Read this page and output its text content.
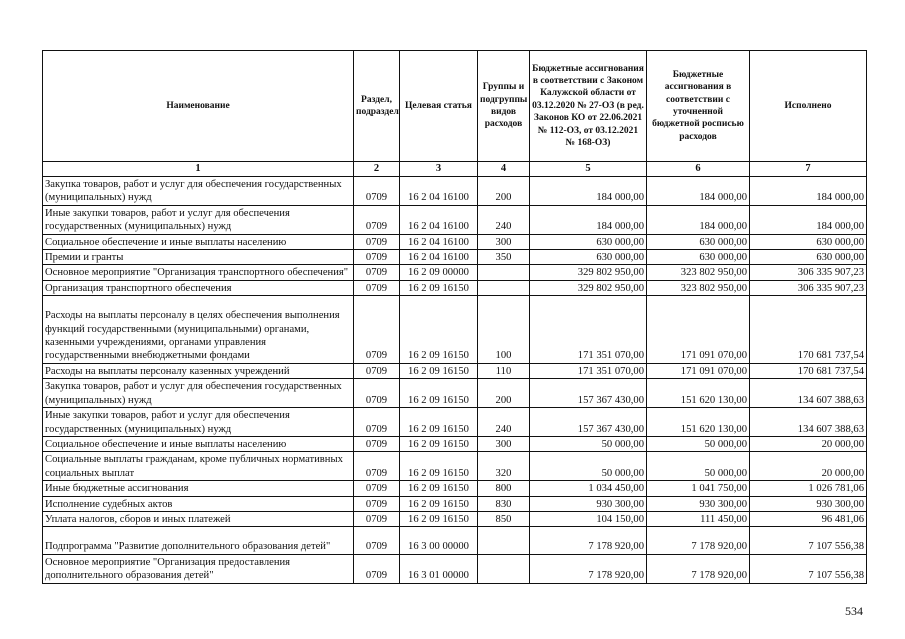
Наименование	Раздел, подраздел	Целевая статья	Группы и подгруппы видов расходов	Бюджетные ассигнования в соответствии с Законом Калужской области от 03.12.2020 № 27-ОЗ (в ред. Законов КО от 22.06.2021 № 112-ОЗ, от 03.12.2021 № 168-ОЗ)	Бюджетные ассигнования в соответствии с уточненной бюджетной росписью расходов	Исполнено
1	2	3	4	5	6	7
Закупка товаров, работ и услуг для обеспечения государственных (муниципальных) нужд	0709	16 2 04 16100	200	184 000,00	184 000,00	184 000,00
Иные закупки товаров, работ и услуг для обеспечения государственных (муниципальных) нужд	0709	16 2 04 16100	240	184 000,00	184 000,00	184 000,00
Социальное обеспечение и иные выплаты населению	0709	16 2 04 16100	300	630 000,00	630 000,00	630 000,00
Премии и гранты	0709	16 2 04 16100	350	630 000,00	630 000,00	630 000,00
Основное мероприятие "Организация транспортного обеспечения"	0709	16 2 09 00000		329 802 950,00	323 802 950,00	306 335 907,23
Организация транспортного обеспечения	0709	16 2 09 16150		329 802 950,00	323 802 950,00	306 335 907,23
Расходы на выплаты персоналу в целях обеспечения выполнения функций государственными (муниципальными) органами, казенными учреждениями, органами управления государственными внебюджетными фондами	0709	16 2 09 16150	100	171 351 070,00	171 091 070,00	170 681 737,54
Расходы на выплаты персоналу казенных учреждений	0709	16 2 09 16150	110	171 351 070,00	171 091 070,00	170 681 737,54
Закупка товаров, работ и услуг для обеспечения государственных (муниципальных) нужд	0709	16 2 09 16150	200	157 367 430,00	151 620 130,00	134 607 388,63
Иные закупки товаров, работ и услуг для обеспечения государственных (муниципальных) нужд	0709	16 2 09 16150	240	157 367 430,00	151 620 130,00	134 607 388,63
Социальное обеспечение и иные выплаты населению	0709	16 2 09 16150	300	50 000,00	50 000,00	20 000,00
Социальные выплаты гражданам, кроме публичных нормативных социальных выплат	0709	16 2 09 16150	320	50 000,00	50 000,00	20 000,00
Иные бюджетные ассигнования	0709	16 2 09 16150	800	1 034 450,00	1 041 750,00	1 026 781,06
Исполнение судебных актов	0709	16 2 09 16150	830	930 300,00	930 300,00	930 300,00
Уплата налогов, сборов и иных платежей	0709	16 2 09 16150	850	104 150,00	111 450,00	96 481,06
Подпрограмма "Развитие дополнительного образования детей"	0709	16 3 00 00000		7 178 920,00	7 178 920,00	7 107 556,38
Основное мероприятие "Организация предоставления дополнительного образования детей"	0709	16 3 01 00000		7 178 920,00	7 178 920,00	7 107 556,38
534
